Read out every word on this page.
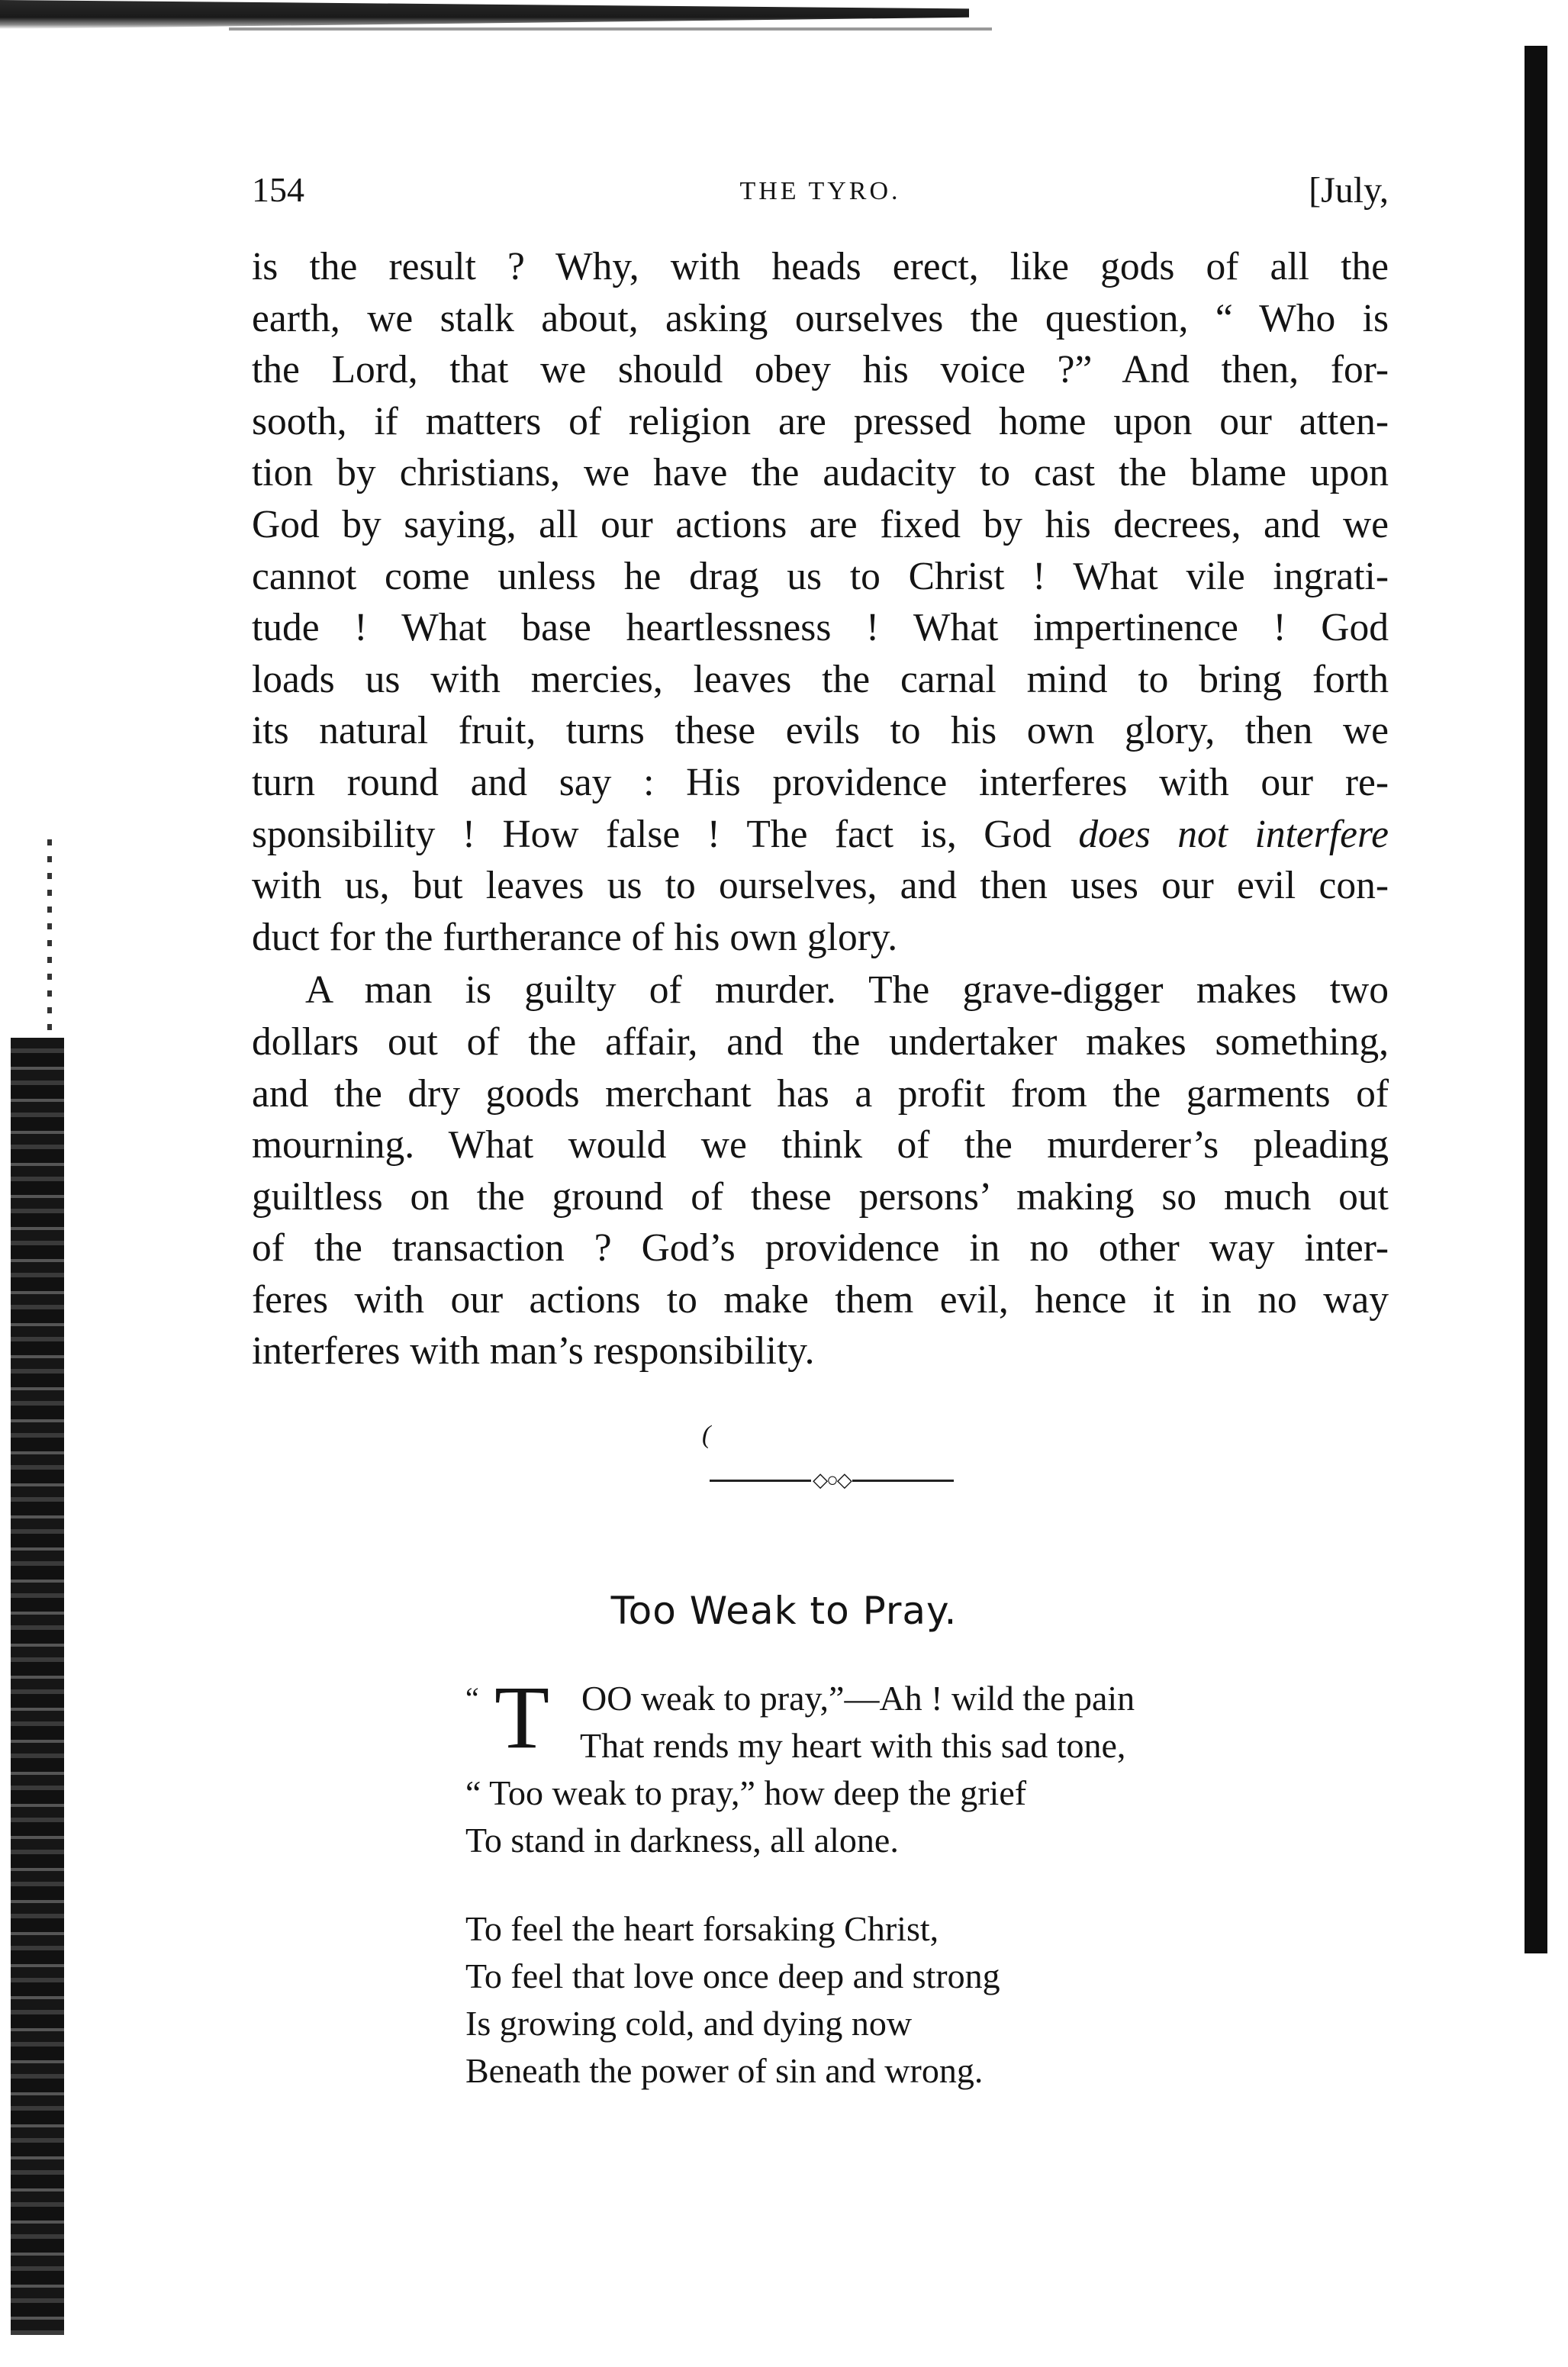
154	THE TYRO.	[July,
is the result ? Why, with heads erect, like gods of all the
earth, we stalk about, asking ourselves the question, “ Who is
the Lord, that we should obey his voice ?” And then, for-
sooth, if matters of religion are pressed home upon our atten-
tion by christians, we have the audacity to cast the blame upon
God by saying, all our actions are fixed by his decrees, and we
cannot come unless he drag us to Christ ! What vile ingrati-
tude ! What base heartlessness ! What impertinence ! God
loads us with mercies, leaves the carnal mind to bring forth
its natural fruit, turns these evils to his own glory, then we
turn round and say : His providence interferes with our re-
sponsibility ! How false ! The fact is, God does not interfere
with us, but leaves us to ourselves, and then uses our evil con-
duct for the furtherance of his own glory.
A man is guilty of murder. The grave-digger makes two
dollars out of the affair, and the undertaker makes something,
and the dry goods merchant has a profit from the garments of
mourning. What would we think of the murderer’s pleading
guiltless on the ground of these persons’ making so much out
of the transaction ? God’s providence in no other way inter-
feres with our actions to make them evil, hence it in no way
interferes with man’s responsibility.
(
◇○◇
Too Weak to Pray.
“ T OO weak to pray,”—Ah ! wild the pain
That rends my heart with this sad tone,
“ Too weak to pray,” how deep the grief
To stand in darkness, all alone.
To feel the heart forsaking Christ,
To feel that love once deep and strong
Is growing cold, and dying now
Beneath the power of sin and wrong.
